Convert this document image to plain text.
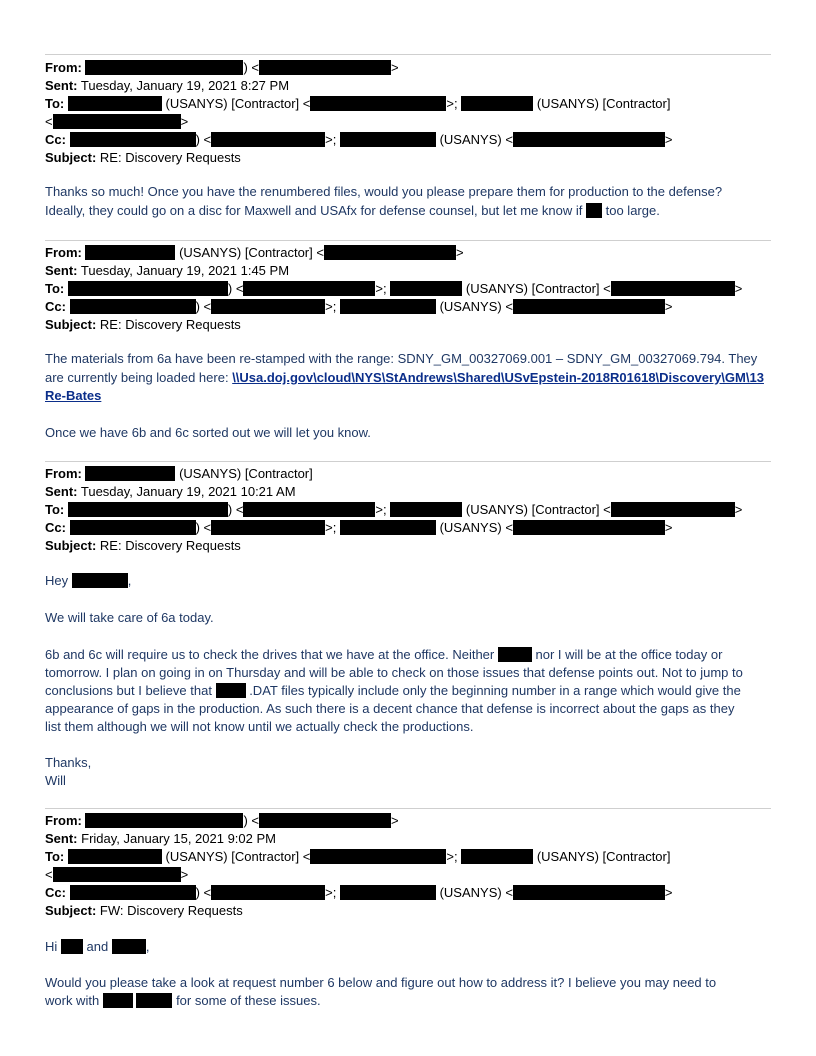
From:	) <	>
Sent: Tuesday, January 19, 2021 8:27 PM
To:	(USANYS) [Contractor] <	>;	(USANYS) [Contractor]
<	>
Cc:	) <	>;	(USANYS) <	>
Subject: RE: Discovery Requests
Thanks so much! Once you have the renumbered files, would you please prepare them for production to the defense?
Ideally, they could go on a disc for Maxwell and USAfx for defense counsel, but let me know if too large.
From:	(USANYS) [Contractor] <	>
Sent: Tuesday, January 19, 2021 1:45 PM
To:	) <	>;	(USANYS) [Contractor] <	>
Cc:	) <	>;	(USANYS) <	>
Subject: RE: Discovery Requests
The materials from 6a have been re-stamped with the range: SDNY_GM_00327069.001 – SDNY_GM_00327069.794. They
are currently being loaded here: \\Usa.doj.gov\cloud\NYS\StAndrews\Shared\USvEpstein-2018R01618\Discovery\GM\13
Re-Bates
Once we have 6b and 6c sorted out we will let you know.
From:	(USANYS) [Contractor]
Sent: Tuesday, January 19, 2021 10:21 AM
To:	) <	>;	(USANYS) [Contractor] <	>
Cc:	) <	>;	(USANYS) <	>
Subject: RE: Discovery Requests
Hey	,
We will take care of 6a today.
6b and 6c will require us to check the drives that we have at the office. Neither	nor I will be at the office today or
tomorrow. I plan on going in on Thursday and will be able to check on those issues that defense points out. Not to jump to
conclusions but I believe that	.DAT files typically include only the beginning number in a range which would give the
appearance of gaps in the production. As such there is a decent chance that defense is incorrect about the gaps as they
list them although we will not know until we actually check the productions.
Thanks,
Will
From:	) <	>
Sent: Friday, January 15, 2021 9:02 PM
To:	(USANYS) [Contractor] <	>;	(USANYS) [Contractor]
<	>
Cc:	) <	>;	(USANYS) <	>
Subject: FW: Discovery Requests
Hi and	,
Would you please take a look at request number 6 below and figure out how to address it? I believe you may need to
work with	for some of these issues.
